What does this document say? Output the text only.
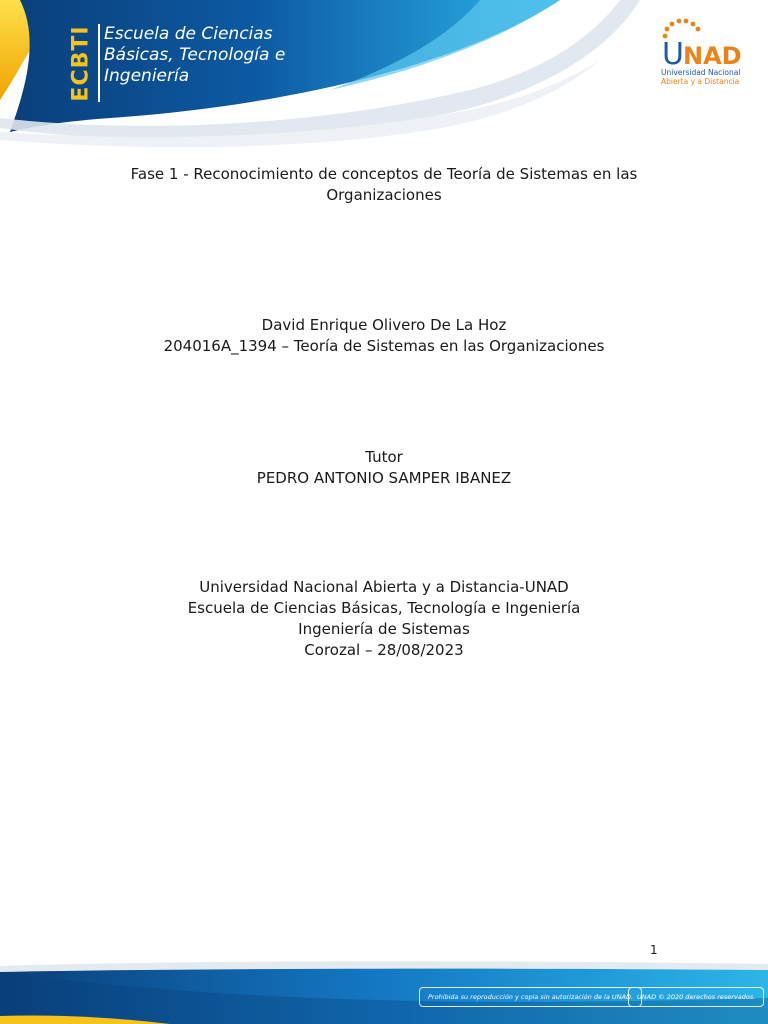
ECBTI Escuela de Ciencias
Básicas, Tecnología e
Ingeniería
U NAD
Universidad Nacional
Abierta y a Distancia
Fase 1 - Reconocimiento de conceptos de Teoría de Sistemas en las
Organizaciones
David Enrique Olivero De La Hoz
204016A_1394 – Teoría de Sistemas en las Organizaciones
Tutor
PEDRO ANTONIO SAMPER IBANEZ
Universidad Nacional Abierta y a Distancia-UNAD
Escuela de Ciencias Básicas, Tecnología e Ingeniería
Ingeniería de Sistemas
Corozal – 28/08/2023
1
Prohibida su reproducción y copia sin autorización de la UNAD. UNAD © 2020 derechos reservados.
